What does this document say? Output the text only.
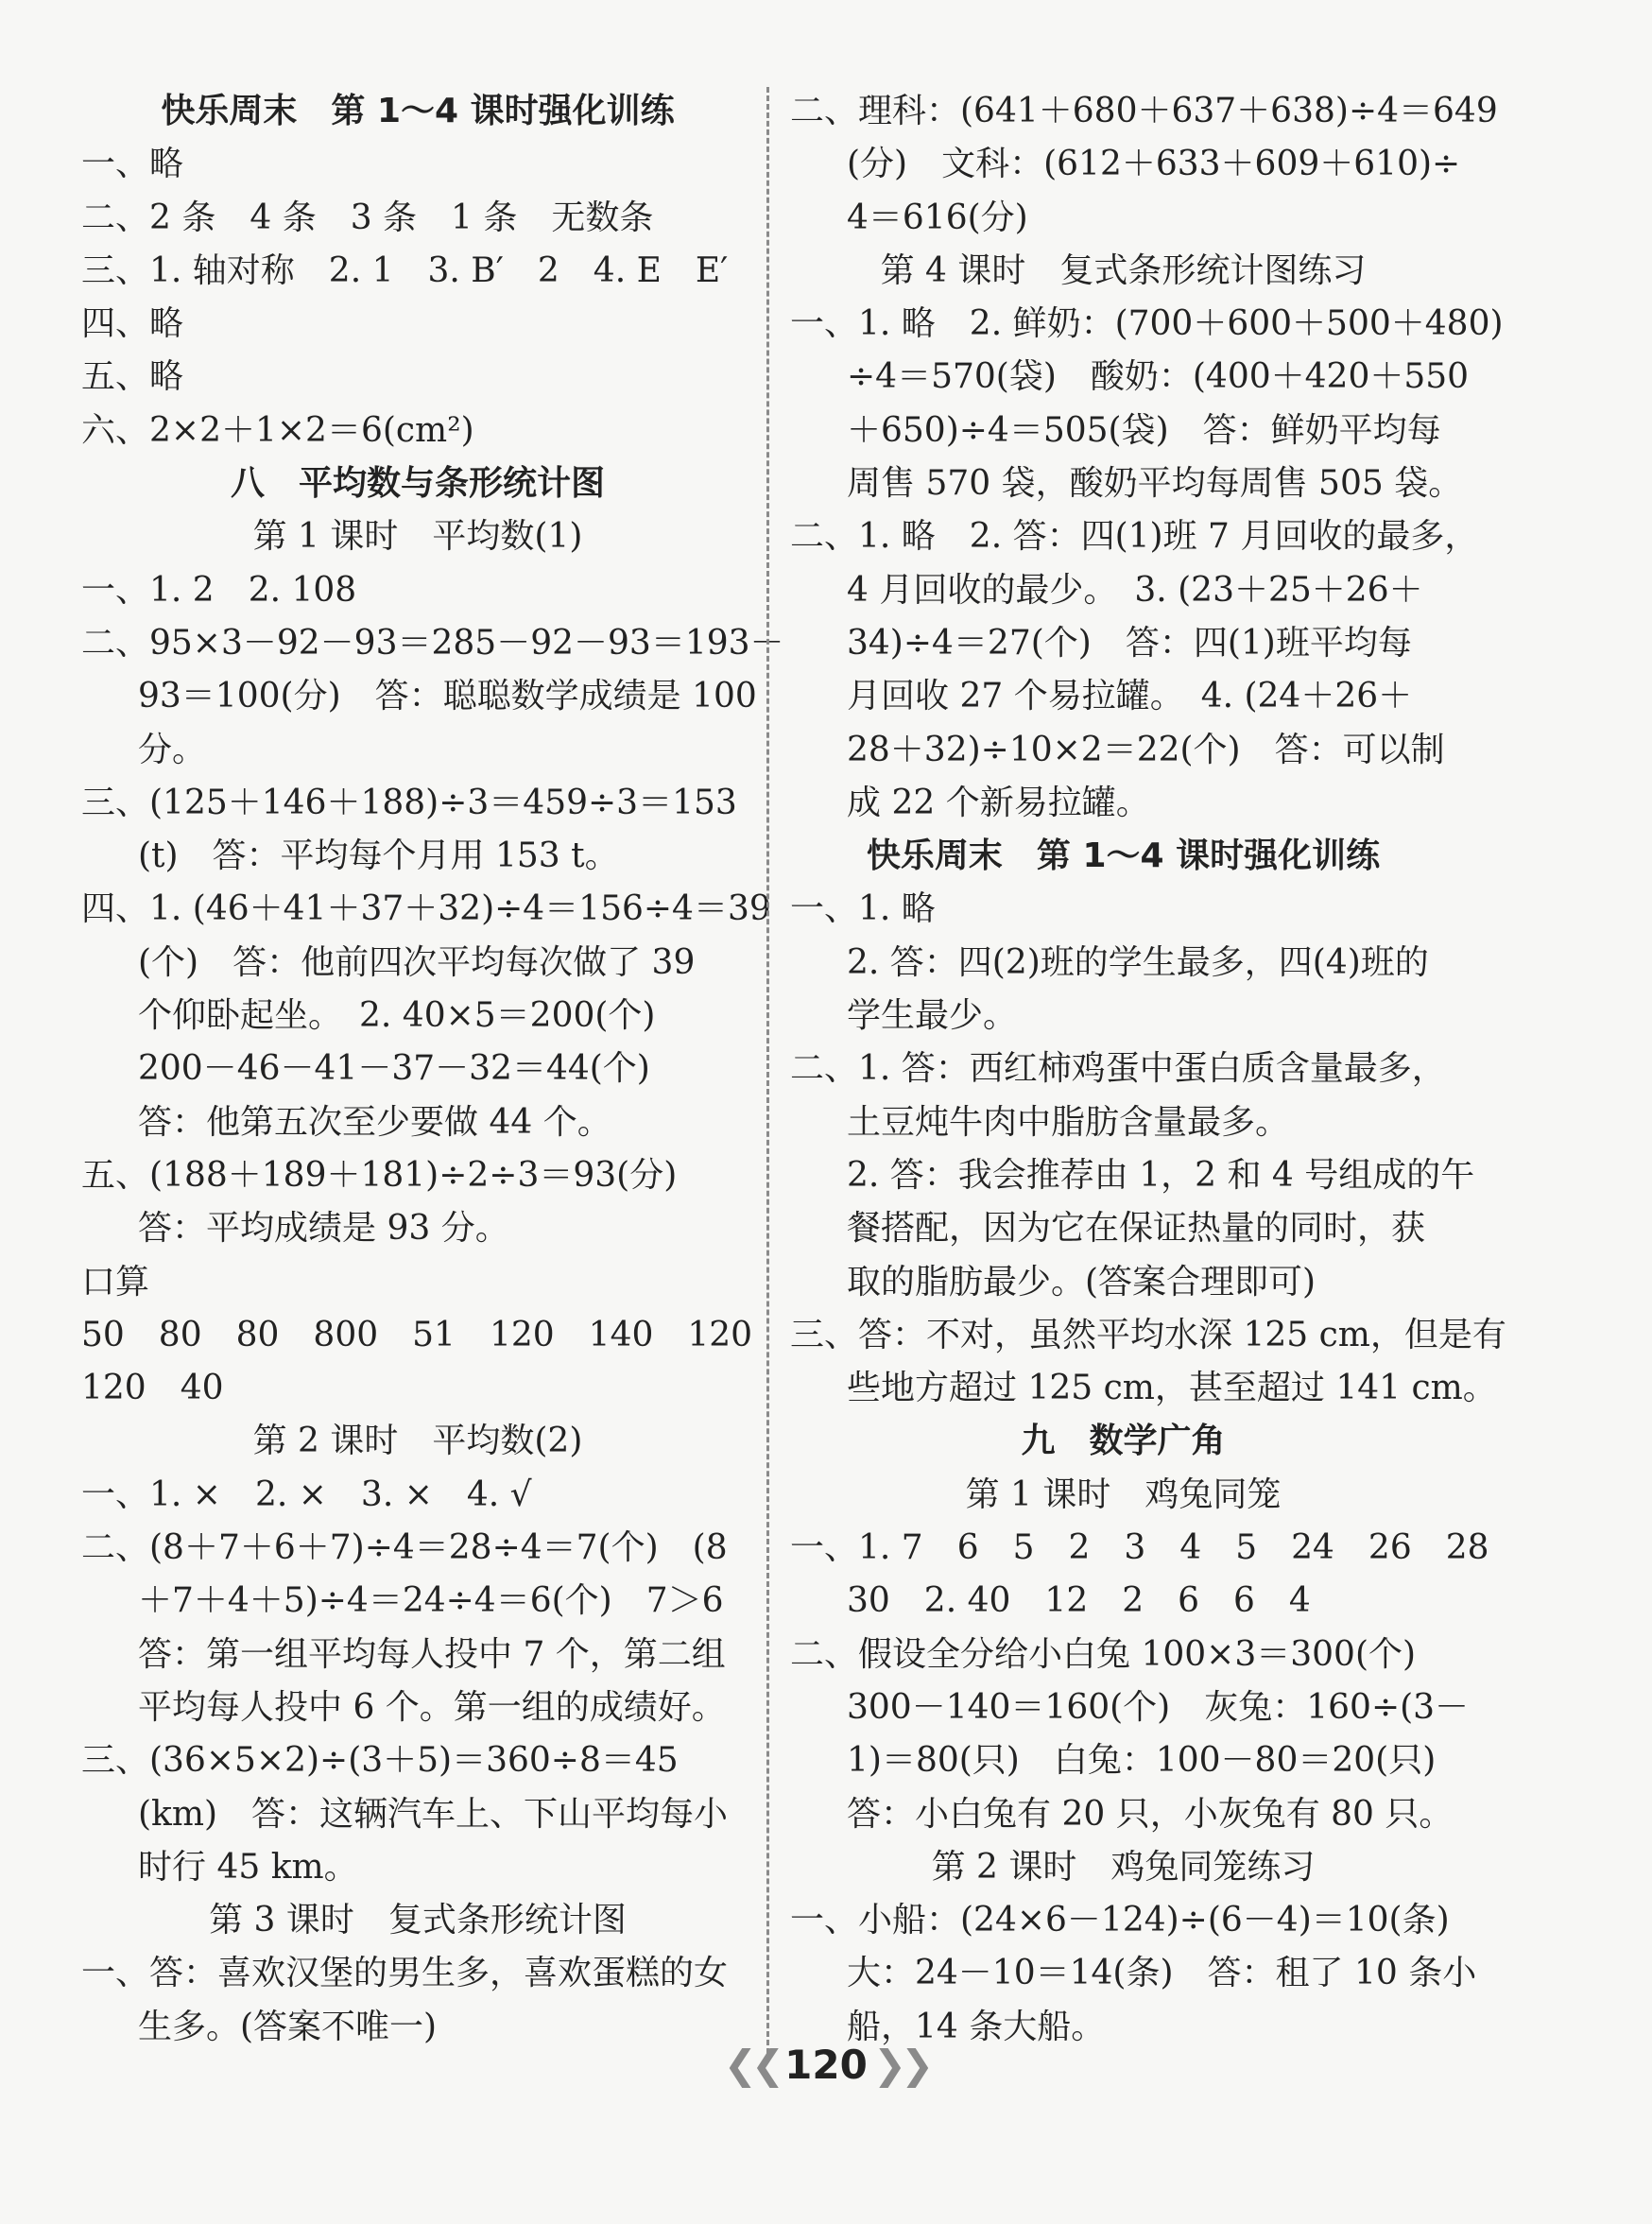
快乐周末　第 1～4 课时强化训练
一、略
二、2 条　4 条　3 条　1 条　无数条
三、1. 轴对称　2. 1　3. B′　2　4. E　E′
四、略
五、略
六、2×2＋1×2＝6(cm²)
八　平均数与条形统计图
第 1 课时　平均数(1)
一、1. 2　2. 108
二、95×3－92－93＝285－92－93＝193－
93＝100(分)　答：聪聪数学成绩是 100
分。
三、(125＋146＋188)÷3＝459÷3＝153
(t)　答：平均每个月用 153 t。
四、1. (46＋41＋37＋32)÷4＝156÷4＝39
(个)　答：他前四次平均每次做了 39
个仰卧起坐。　2. 40×5＝200(个)
200－46－41－37－32＝44(个)
答：他第五次至少要做 44 个。
五、(188＋189＋181)÷2÷3＝93(分)
答：平均成绩是 93 分。
口算
50　80　80　800　51　120　140　120
120　40
第 2 课时　平均数(2)
一、1. ×　2. ×　3. ×　4. √
二、(8＋7＋6＋7)÷4＝28÷4＝7(个)　(8
＋7＋4＋5)÷4＝24÷4＝6(个)　7＞6
答：第一组平均每人投中 7 个，第二组
平均每人投中 6 个。第一组的成绩好。
三、(36×5×2)÷(3＋5)＝360÷8＝45
(km)　答：这辆汽车上、下山平均每小
时行 45 km。
第 3 课时　复式条形统计图
一、答：喜欢汉堡的男生多，喜欢蛋糕的女
生多。(答案不唯一)
二、理科：(641＋680＋637＋638)÷4＝649
(分)　文科：(612＋633＋609＋610)÷
4＝616(分)
第 4 课时　复式条形统计图练习
一、1. 略　2. 鲜奶：(700＋600＋500＋480)
÷4＝570(袋)　酸奶：(400＋420＋550
＋650)÷4＝505(袋)　答：鲜奶平均每
周售 570 袋，酸奶平均每周售 505 袋。
二、1. 略　2. 答：四(1)班 7 月回收的最多，
4 月回收的最少。　3. (23＋25＋26＋
34)÷4＝27(个)　答：四(1)班平均每
月回收 27 个易拉罐。　4. (24＋26＋
28＋32)÷10×2＝22(个)　答：可以制
成 22 个新易拉罐。
快乐周末　第 1～4 课时强化训练
一、1. 略
2. 答：四(2)班的学生最多，四(4)班的
学生最少。
二、1. 答：西红柿鸡蛋中蛋白质含量最多，
土豆炖牛肉中脂肪含量最多。
2. 答：我会推荐由 1，2 和 4 号组成的午
餐搭配，因为它在保证热量的同时，获
取的脂肪最少。(答案合理即可)
三、答：不对，虽然平均水深 125 cm，但是有
些地方超过 125 cm，甚至超过 141 cm。
九　数学广角
第 1 课时　鸡兔同笼
一、1. 7　6　5　2　3　4　5　24　26　28
30　2. 40　12　2　6　6　4
二、假设全分给小白兔 100×3＝300(个)
300－140＝160(个)　灰兔：160÷(3－
1)＝80(只)　白兔：100－80＝20(只)
答：小白兔有 20 只，小灰兔有 80 只。
第 2 课时　鸡兔同笼练习
一、小船：(24×6－124)÷(6－4)＝10(条)
大：24－10＝14(条)　答：租了 10 条小
船，14 条大船。
❮❮ 120 ❯❯
